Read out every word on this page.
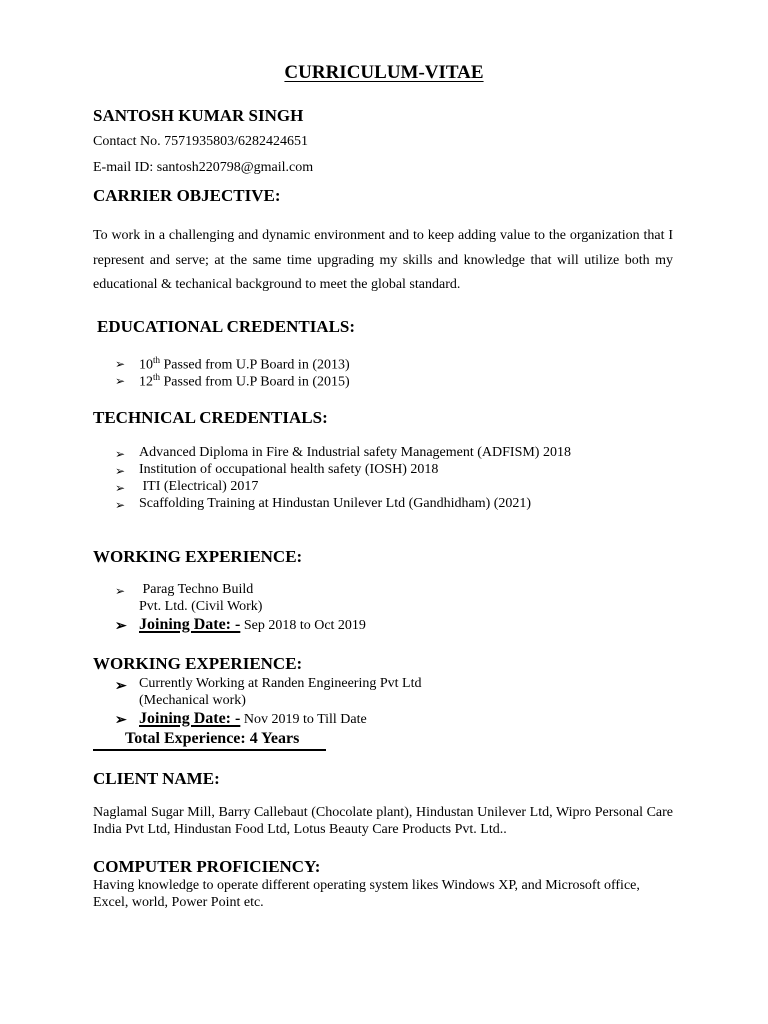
CURRICULUM-VITAE
SANTOSH KUMAR SINGH
Contact No. 7571935803/6282424651
E-mail ID: santosh220798@gmail.com
CARRIER OBJECTIVE:
To work in a challenging and dynamic environment and to keep adding value to the organization that I represent and serve; at the same time upgrading my skills and knowledge that will utilize both my educational & techanical background to meet the global standard.
EDUCATIONAL CREDENTIALS:
➢ 10th Passed from U.P Board in (2013)
➢ 12th Passed from U.P Board in (2015)
TECHNICAL CREDENTIALS:
➢ Advanced Diploma in Fire & Industrial safety Management (ADFISM) 2018
➢ Institution of occupational health safety (IOSH) 2018
➢ ITI (Electrical) 2017
➢ Scaffolding Training at Hindustan Unilever Ltd (Gandhidham) (2021)
WORKING EXPERIENCE:
➢ Parag Techno Build
Pvt. Ltd. (Civil Work)
➢ Joining Date: - Sep 2018 to Oct 2019
WORKING EXPERIENCE:
➢ Currently Working at Randen Engineering Pvt Ltd
(Mechanical work)
➢ Joining Date: - Nov 2019 to Till Date
Total Experience: 4 Years
CLIENT NAME:
Naglamal Sugar Mill, Barry Callebaut (Chocolate plant), Hindustan Unilever Ltd, Wipro Personal Care India Pvt Ltd, Hindustan Food Ltd, Lotus Beauty Care Products Pvt. Ltd..
COMPUTER PROFICIENCY:
Having knowledge to operate different operating system likes Windows XP, and Microsoft office, Excel, world, Power Point etc.
